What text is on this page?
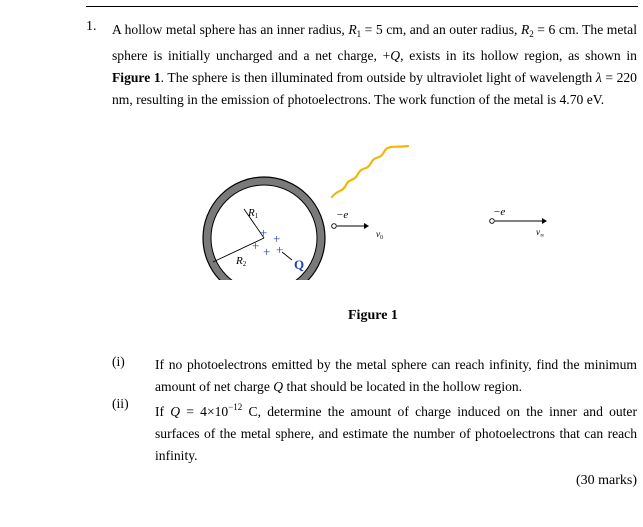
1. A hollow metal sphere has an inner radius, $R_1 = 5$ cm, and an outer radius, $R_2 = 6$ cm. The metal sphere is initially uncharged and a net charge, +Q, exists in its hollow region, as shown in Figure 1. The sphere is then illuminated from outside by ultraviolet light of wavelength λ = 220 nm, resulting in the emission of photoelectrons. The work function of the metal is 4.70 eV.
R1
R2
+ +
+ + +
Q
−e
$v_0$
−e
$v_\infty$
Figure 1
(i) If no photoelectrons emitted by the metal sphere can reach infinity, find the minimum amount of net charge Q that should be located in the hollow region.
(ii)
If $Q = 4\times 10^{-12}$ C, determine the amount of charge induced on the inner and outer surfaces of the metal sphere, and estimate the number of photoelectrons that can reach infinity.
(30 marks)
